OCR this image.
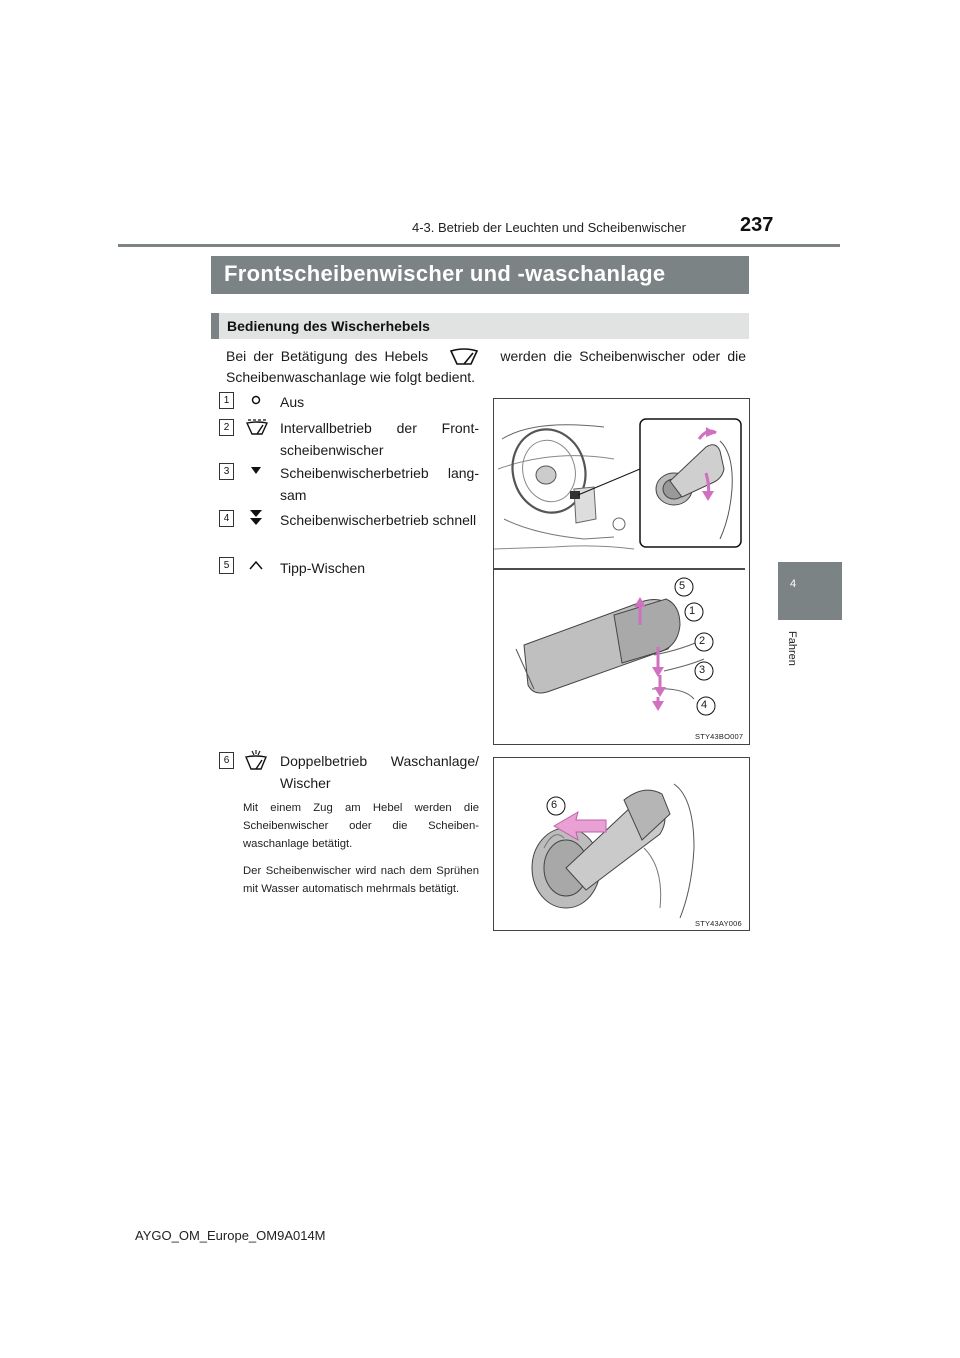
4-3. Betrieb der Leuchten und Scheibenwischer	237
4
Fahren
Frontscheibenwischer und -waschanlage
Bedienung des Wischerhebels
Bei der Betätigung des Hebels	werden die Scheibenwischer oder die Scheibenwaschanlage wie folgt bedient.
1	Aus
2	Intervallbetrieb der Front- scheibenwischer
3	Scheibenwischerbetrieb lang- sam
4	Scheibenwischerbetrieb schnell
5	Tipp-Wischen
6	Doppelbetrieb Waschanlage/ Wischer
Mit einem Zug am Hebel werden die Scheibenwischer oder die Scheiben- waschanlage betätigt.
Der Scheibenwischer wird nach dem Sprühen mit Wasser automatisch mehrmals betätigt.
5
1
2
3
4
STY43BO007
6
STY43AY006
AYGO_OM_Europe_OM9A014M
